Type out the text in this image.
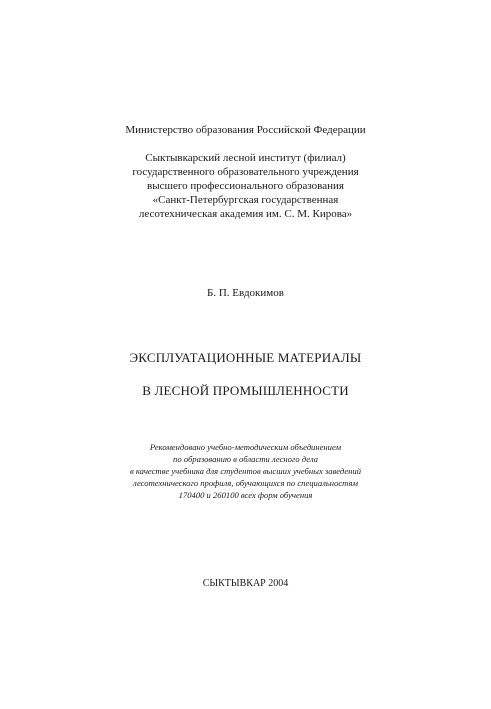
Министерство образования Российской Федерации
Сыктывкарский лесной институт (филиал)
государственного образовательного учреждения
высшего профессионального образования
«Санкт-Петербургская государственная
лесотехническая академия им. С. М. Кирова»
Б. П. Евдокимов
ЭКСПЛУАТАЦИОННЫЕ МАТЕРИАЛЫ
В ЛЕСНОЙ ПРОМЫШЛЕННОСТИ
Рекомендовано учебно-методическим объединением
по образованию в области лесного дела
в качестве учебника для студентов высших учебных заведений
лесотехнического профиля, обучающихся по специальностям
170400 и 260100 всех форм обучения
СЫКТЫВКАР 2004
